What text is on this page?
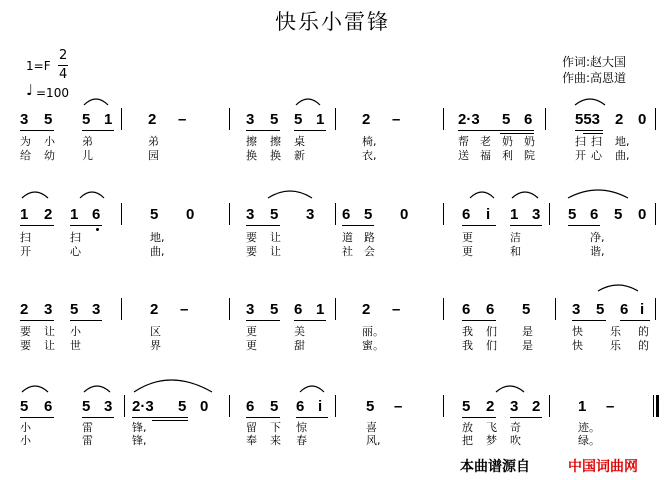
快乐小雷锋
1=F
2
4
♩ =100
作词:赵大国
作曲:高恩道
3 5 5 1 2 –	3 5 5 1	2 –	2·3 5 6	553 2 0
为 小 弟	弟	擦 擦 桌	椅,	帮 老 奶 奶	扫 扫 地,
给 幼 儿	园	换 换 新	衣,	送 福 利 院	开 心 曲,
1 2 1 6	5 0	3 5 3 6 5 0	6 i 1 3 5 6 5 0
扫	扫	地,	要 让	道 路	更	洁	净,
开	心	曲,	要 让	社 会	更	和	谐,
2 3 5 3	2 –	3 5 6 1	2 –	6 6 5	3 5 6 i
要 让 小	区	更	美	丽。	我 们 是	快 乐 的
要 让 世	界	更	甜	蜜。	我 们 是	快 乐 的
5 6 5 3 2·3 5 0	6 5 6 i	5 –	5 2 3 2	1 –
小	雷	锋,	留 下 惊	喜	放 飞 奇	迹。
小	雷	锋,	奉 来 春	风,	把 梦 吹	绿。
本曲谱源自	中国词曲网
